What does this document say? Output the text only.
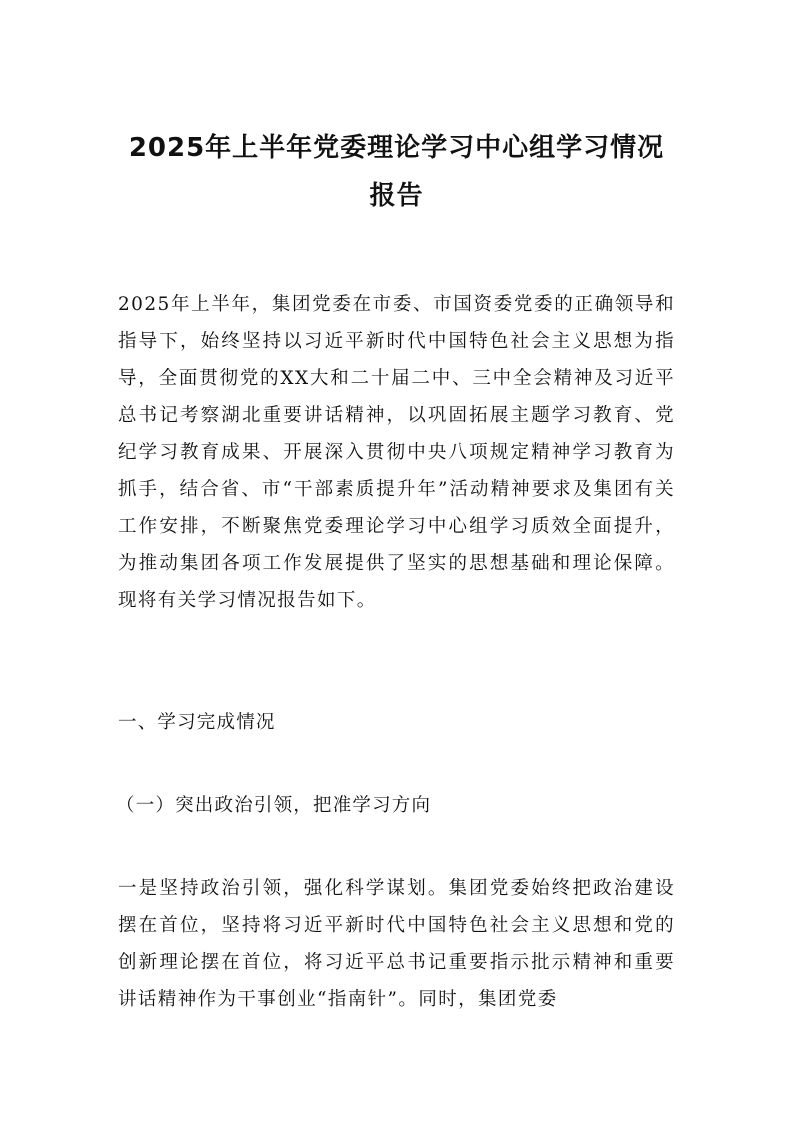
2025年上半年党委理论学习中心组学习情况报告

2025年上半年，集团党委在市委、市国资委党委的正确领导和指导下，始终坚持以习近平新时代中国特色社会主义思想为指导，全面贯彻党的XX大和二十届二中、三中全会精神及习近平总书记考察湖北重要讲话精神，以巩固拓展主题学习教育、党纪学习教育成果、开展深入贯彻中央八项规定精神学习教育为抓手，结合省、市“干部素质提升年”活动精神要求及集团有关工作安排，不断聚焦党委理论学习中心组学习质效全面提升，为推动集团各项工作发展提供了坚实的思想基础和理论保障。现将有关学习情况报告如下。

一、学习完成情况

（一）突出政治引领，把准学习方向

一是坚持政治引领，强化科学谋划。集团党委始终把政治建设摆在首位，坚持将习近平新时代中国特色社会主义思想和党的创新理论摆在首位，将习近平总书记重要指示批示精神和重要讲话精神作为干事创业“指南针”。同时，集团党委
